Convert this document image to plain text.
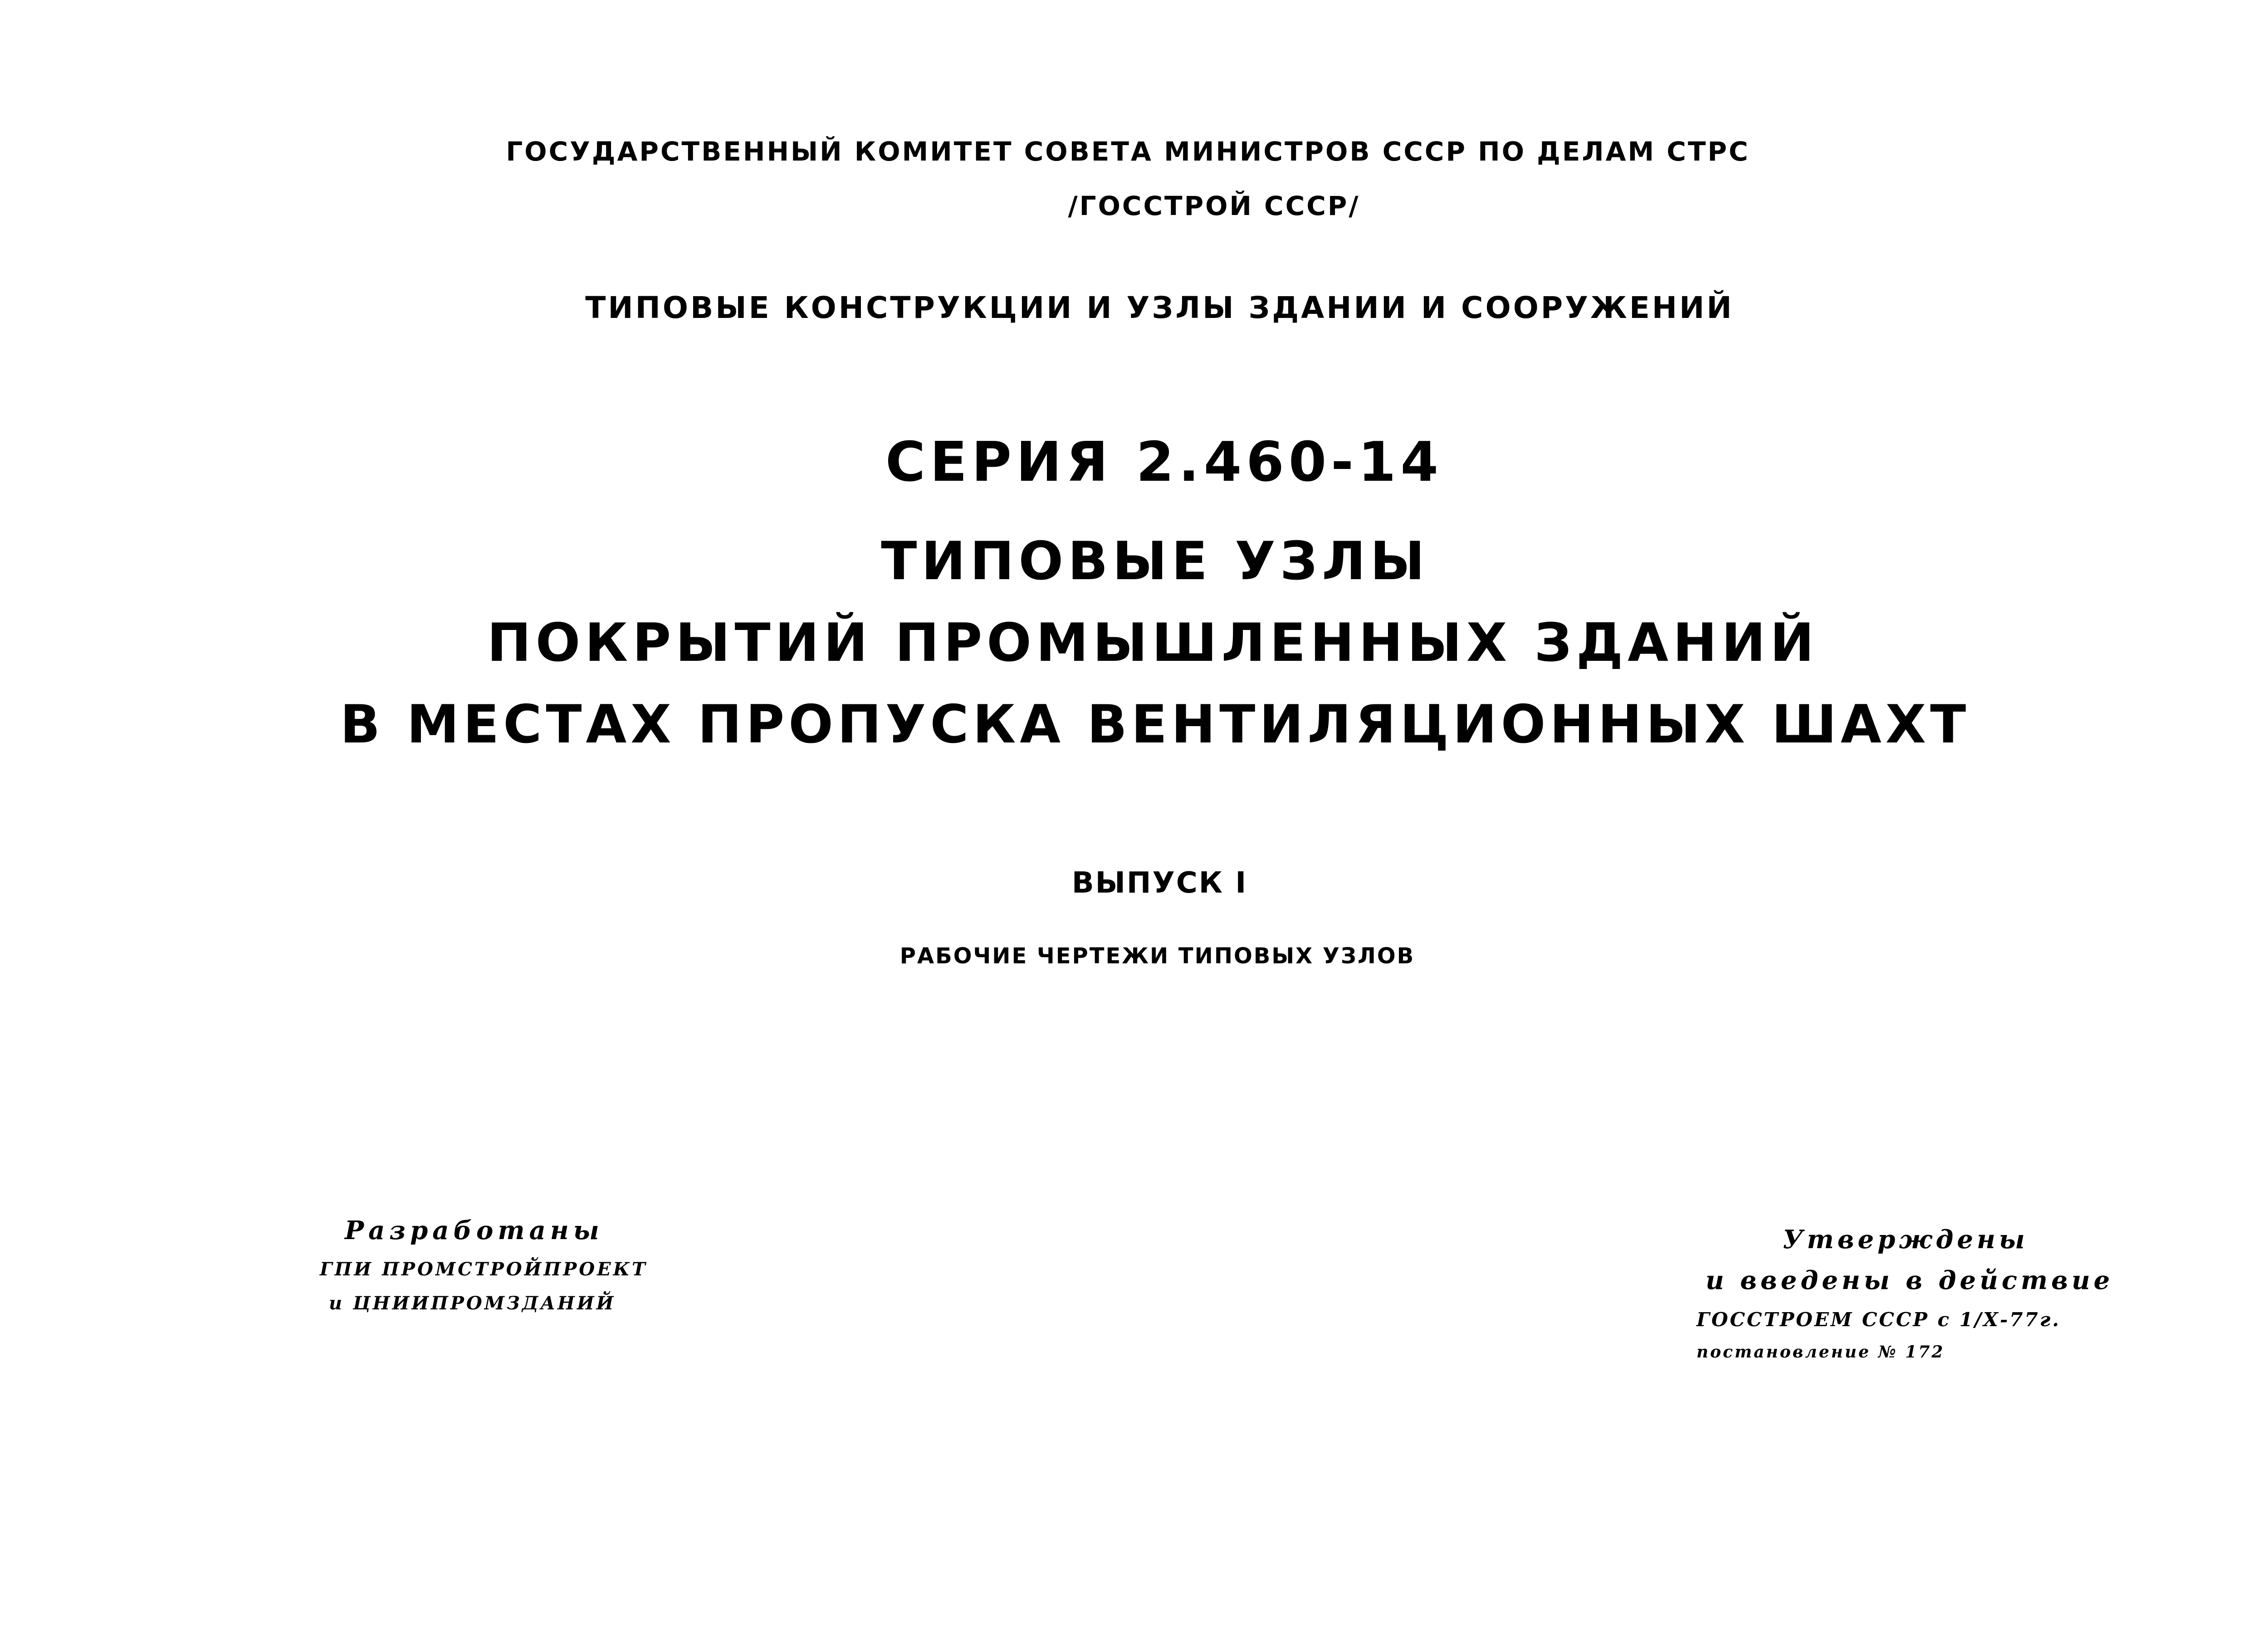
ГОСУДАРСТВЕННЫЙ КОМИТЕТ СОВЕТА МИНИСТРОВ СССР ПО ДЕЛАМ СТРС
/ГОССТРОЙ СССР/
ТИПОВЫЕ КОНСТРУКЦИИ И УЗЛЫ ЗДАНИИ И СООРУЖЕНИЙ
СЕРИЯ 2.460-14
ТИПОВЫЕ УЗЛЫ
ПОКРЫТИЙ ПРОМЫШЛЕННЫХ ЗДАНИЙ
В МЕСТАХ ПРОПУСКА ВЕНТИЛЯЦИОННЫХ ШАХТ
ВЫПУСК I
РАБОЧИЕ ЧЕРТЕЖИ ТИПОВЫХ УЗЛОВ
Разработаны
ГПИ ПРОМСТРОЙПРОЕКТ
и ЦНИИПРОМЗДАНИЙ
Утверждены
и введены в действие
ГОССТРОЕМ СССР с 1/Х-77г.
постановление № 172
